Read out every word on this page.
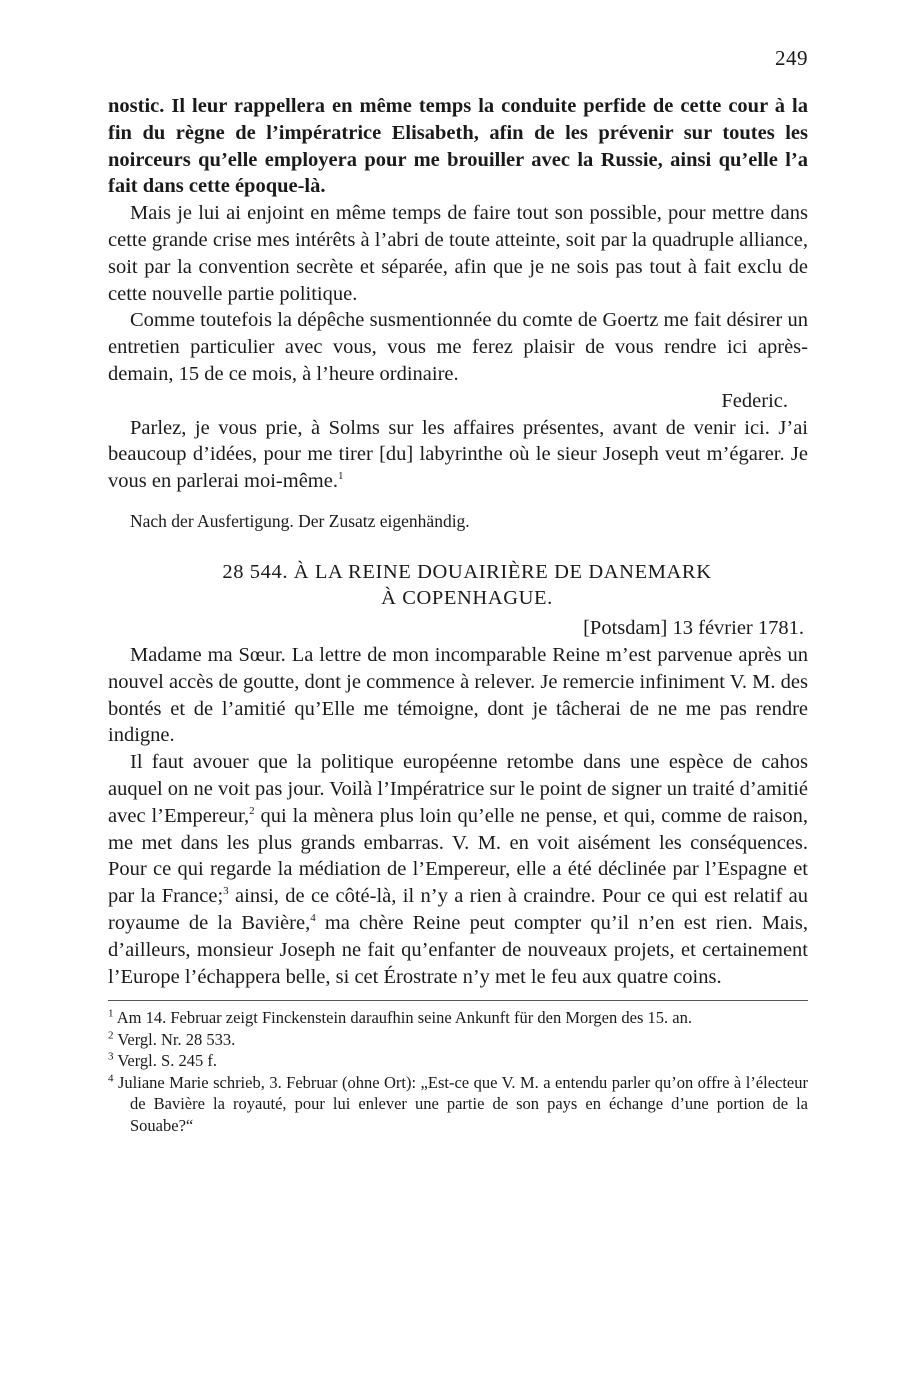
249

nostic. Il leur rappellera en même temps la conduite perfide de cette cour à la fin du règne de l’impératrice Elisabeth, afin de les prévenir sur toutes les noirceurs qu’elle employera pour me brouiller avec la Russie, ainsi qu’elle l’a fait dans cette époque-là.

Mais je lui ai enjoint en même temps de faire tout son possible, pour mettre dans cette grande crise mes intérêts à l’abri de toute atteinte, soit par la quadruple alliance, soit par la convention secrète et séparée, afin que je ne sois pas tout à fait exclu de cette nouvelle partie politique.

Comme toutefois la dépêche susmentionnée du comte de Goertz me fait désirer un entretien particulier avec vous, vous me ferez plaisir de vous rendre ici après-demain, 15 de ce mois, à l’heure ordinaire.

Federic.

Parlez, je vous prie, à Solms sur les affaires présentes, avant de venir ici. J’ai beaucoup d’idées, pour me tirer [du] labyrinthe où le sieur Joseph veut m’égarer. Je vous en parlerai moi-même.$^1$

Nach der Ausfertigung. Der Zusatz eigenhändig.
28 544. À LA REINE DOUAIRIÈRE DE DANEMARK
À COPENHAGUE.
[Potsdam] 13 février 1781.

Madame ma Sœur. La lettre de mon incomparable Reine m’est parvenue après un nouvel accès de goutte, dont je commence à relever. Je remercie infiniment V. M. des bontés et de l’amitié qu’Elle me témoigne, dont je tâcherai de ne me pas rendre indigne.

Il faut avouer que la politique européenne retombe dans une espèce de cahos auquel on ne voit pas jour. Voilà l’Impératrice sur le point de signer un traité d’amitié avec l’Empereur,$^2$ qui la mènera plus loin qu’elle ne pense, et qui, comme de raison, me met dans les plus grands embarras. V. M. en voit aisément les conséquences. Pour ce qui regarde la médiation de l’Empereur, elle a été déclinée par l’Espagne et par la France;$^3$ ainsi, de ce côté-là, il n’y a rien à craindre. Pour ce qui est relatif au royaume de la Bavière,$^4$ ma chère Reine peut compter qu’il n’en est rien. Mais, d’ailleurs, monsieur Joseph ne fait qu’enfanter de nouveaux projets, et certainement l’Europe l’échappera belle, si cet Érostrate n’y met le feu aux quatre coins.

$^1$ Am 14. Februar zeigt Finckenstein daraufhin seine Ankunft für den Morgen des 15. an.
$^2$ Vergl. Nr. 28 533.
$^3$ Vergl. S. 245 f.
$^4$ Juliane Marie schrieb, 3. Februar (ohne Ort): „Est-ce que V. M. a entendu parler qu’on offre à l’électeur de Bavière la royauté, pour lui enlever une partie de son pays en échange d’une portion de la Souabe?“
